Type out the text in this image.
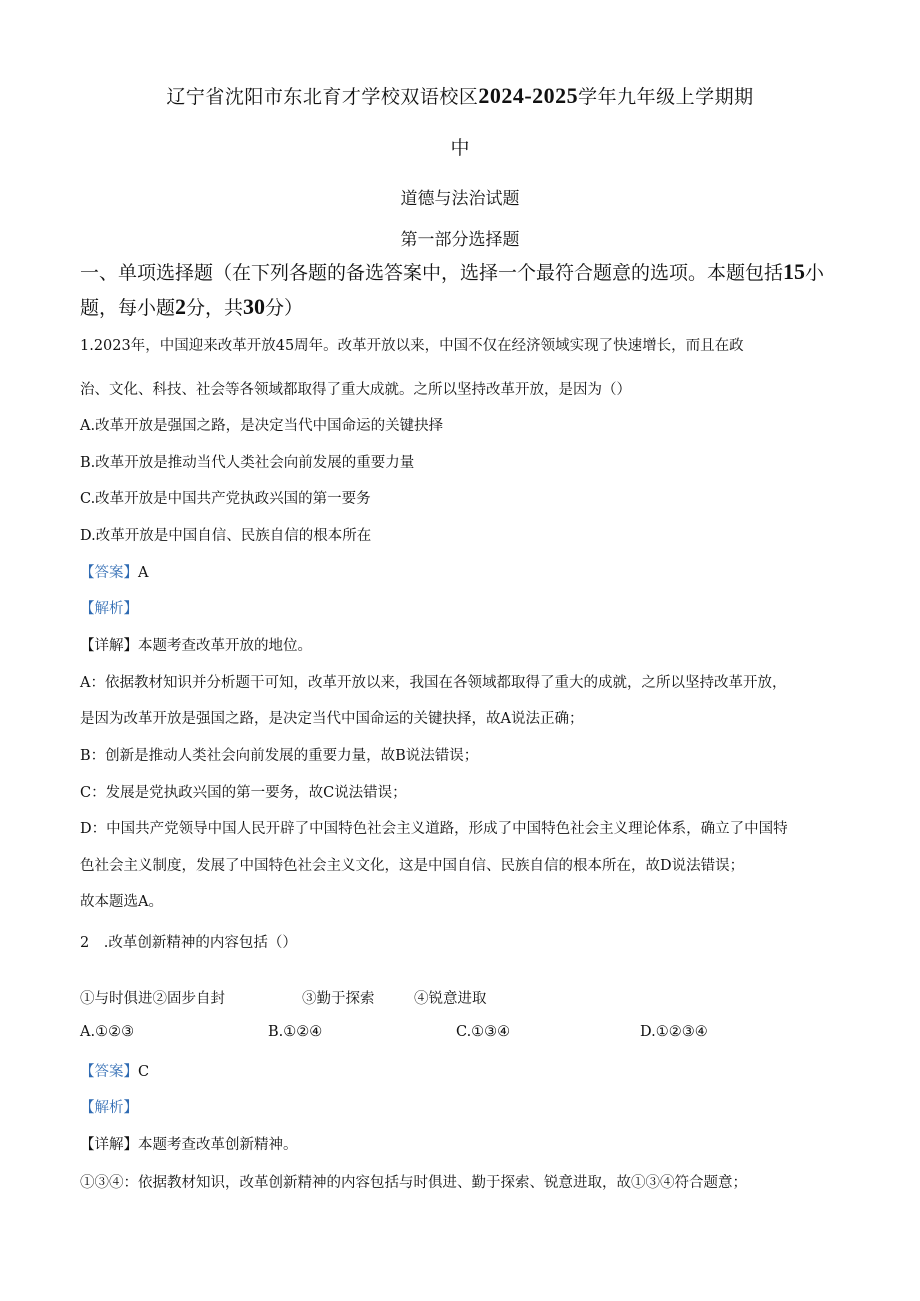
辽宁省沈阳市东北育才学校双语校区2024-2025学年九年级上学期期
中
道德与法治试题
第一部分选择题
一、单项选择题（在下列各题的备选答案中，选择一个最符合题意的选项。本题包括15小
题，每小题2分，共30分）
1.2023年，中国迎来改革开放45周年。改革开放以来，中国不仅在经济领域实现了快速增长，而且在政
治、文化、科技、社会等各领域都取得了重大成就。之所以坚持改革开放，是因为（）
A.改革开放是强国之路，是决定当代中国命运的关键抉择
B.改革开放是推动当代人类社会向前发展的重要力量
C.改革开放是中国共产党执政兴国的第一要务
D.改革开放是中国自信、民族自信的根本所在
【答案】A
【解析】
【详解】本题考查改革开放的地位。
A：依据教材知识并分析题干可知，改革开放以来，我国在各领域都取得了重大的成就，之所以坚持改革开放，
是因为改革开放是强国之路，是决定当代中国命运的关键抉择，故A说法正确；
B：创新是推动人类社会向前发展的重要力量，故B说法错误；
C：发展是党执政兴国的第一要务，故C说法错误；
D：中国共产党领导中国人民开辟了中国特色社会主义道路，形成了中国特色社会主义理论体系，确立了中国特
色社会主义制度，发展了中国特色社会主义文化，这是中国自信、民族自信的根本所在，故D说法错误；
故本题选A。
2　.改革创新精神的内容包括（）
①与时俱进②固步自封	③勤于探索	④锐意进取
A.①②③	B.①②④	C.①③④	D.①②③④
【答案】C
【解析】
【详解】本题考查改革创新精神。
①③④：依据教材知识，改革创新精神的内容包括与时俱进、勤于探索、锐意进取，故①③④符合题意；
